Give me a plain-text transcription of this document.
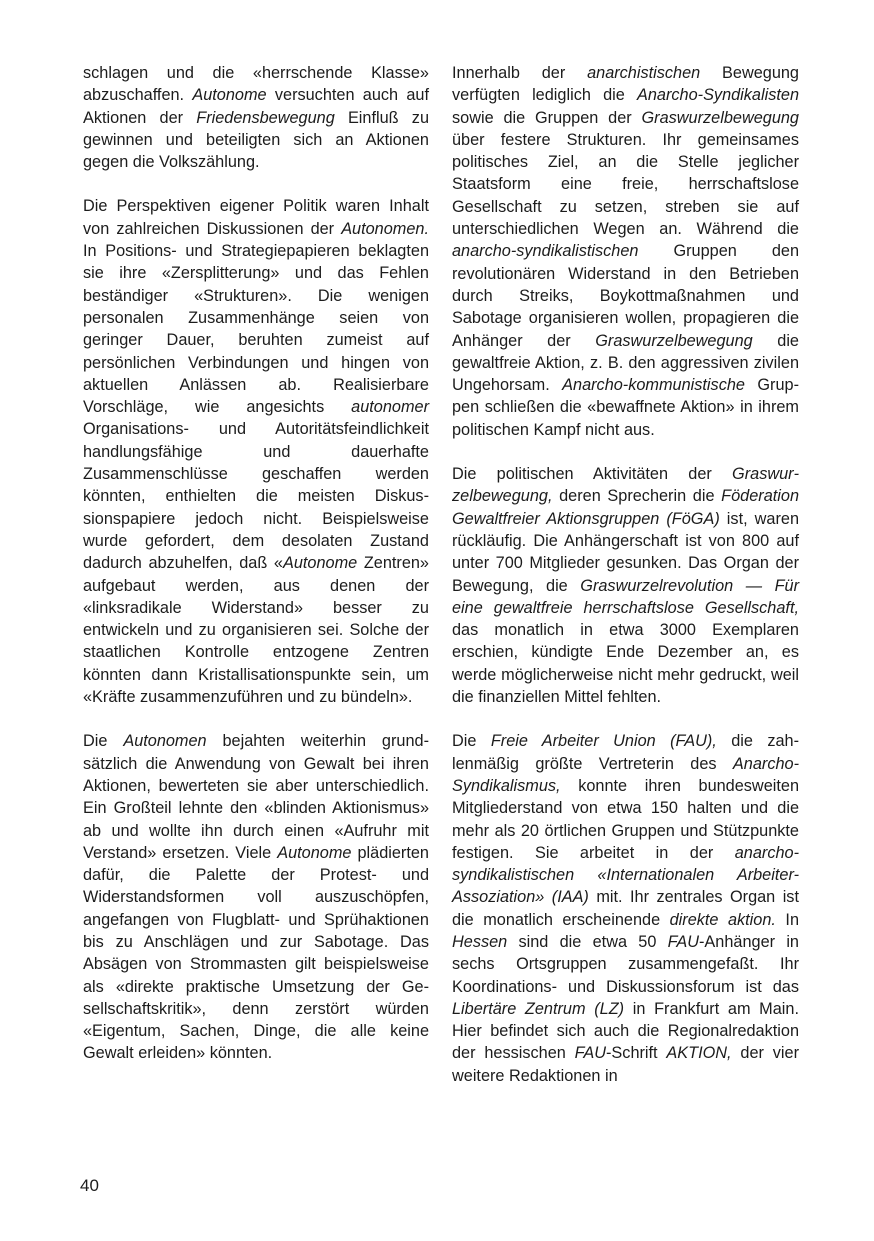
schlagen und die «herrschende Klasse» abzuschaffen. Autonome versuchten auch auf Aktionen der Friedensbewegung Einfluß zu gewinnen und beteiligten sich an Aktionen gegen die Volkszählung.

Die Perspektiven eigener Politik waren Inhalt von zahlreichen Diskussionen der Autonomen. In Positions- und Strategiepapieren beklagten sie ihre «Zersplitterung» und das Fehlen beständiger «Strukturen». Die wenigen personalen Zusammenhänge seien von geringer Dauer, beruhten zumeist auf persönlichen Verbindungen und hingen von aktuellen Anlässen ab. Realisierbare Vorschläge, wie angesichts autonomer Organisations- und Autoritätsfeindlichkeit handlungsfähige und dauerhafte Zusammenschlüsse geschaffen werden könnten, enthielten die meisten Diskussionspapiere jedoch nicht. Beispielsweise wurde gefordert, dem desolaten Zustand dadurch abzuhelfen, daß «Autonome Zentren» aufgebaut werden, aus denen der «linksradikale Widerstand» besser zu entwickeln und zu organisieren sei. Solche der staatlichen Kontrolle entzogene Zentren könnten dann Kristallisationspunkte sein, um «Kräfte zusammenzuführen und zu bündeln».

Die Autonomen bejahten weiterhin grundsätzlich die Anwendung von Gewalt bei ihren Aktionen, bewerteten sie aber unterschiedlich. Ein Großteil lehnte den «blinden Aktionismus» ab und wollte ihn durch einen «Aufruhr mit Verstand» ersetzen. Viele Autonome plädierten dafür, die Palette der Protest- und Widerstandsformen voll auszuschöpfen, angefangen von Flugblatt- und Sprühaktionen bis zu Anschlägen und zur Sabotage. Das Absägen von Strommasten gilt beispielsweise als «direkte praktische Umsetzung der Gesellschaftskritik», denn zerstört würden «Eigentum, Sachen, Dinge, die alle keine Gewalt erleiden» könnten.

Innerhalb der anarchistischen Bewegung verfügten lediglich die Anarcho-Syndikalisten sowie die Gruppen der Graswurzelbewegung über festere Strukturen. Ihr gemeinsames politisches Ziel, an die Stelle jeglicher Staatsform eine freie, herrschaftslose Gesellschaft zu setzen, streben sie auf unterschiedlichen Wegen an. Während die anarcho-syndikalistischen Gruppen den revolutionären Widerstand in den Betrieben durch Streiks, Boykottmaßnahmen und Sabotage organisieren wollen, propagieren die Anhänger der Graswurzelbewegung die gewaltfreie Aktion, z. B. den aggressiven zivilen Ungehorsam. Anarcho-kommunistische Gruppen schließen die «bewaffnete Aktion» in ihrem politischen Kampf nicht aus.

Die politischen Aktivitäten der Graswurzelbewegung, deren Sprecherin die Föderation Gewaltfreier Aktionsgruppen (FöGA) ist, waren rückläufig. Die Anhängerschaft ist von 800 auf unter 700 Mitglieder gesunken. Das Organ der Bewegung, die Graswurzelrevolution — Für eine gewaltfreie herrschaftslose Gesellschaft, das monatlich in etwa 3000 Exemplaren erschien, kündigte Ende Dezember an, es werde möglicherweise nicht mehr gedruckt, weil die finanziellen Mittel fehlten.

Die Freie Arbeiter Union (FAU), die zahlenmäßig größte Vertreterin des Anarcho-Syndikalismus, konnte ihren bundesweiten Mitgliederstand von etwa 150 halten und die mehr als 20 örtlichen Gruppen und Stützpunkte festigen. Sie arbeitet in der anarcho-syndikalistischen «Internationalen Arbeiter-Assoziation» (IAA) mit. Ihr zentrales Organ ist die monatlich erscheinende direkte aktion. In Hessen sind die etwa 50 FAU-Anhänger in sechs Ortsgruppen zusammengefaßt. Ihr Koordinations- und Diskussionsforum ist das Libertäre Zentrum (LZ) in Frankfurt am Main. Hier befindet sich auch die Regionalredaktion der hessischen FAU-Schrift AKTION, der vier weitere Redaktionen in

40
